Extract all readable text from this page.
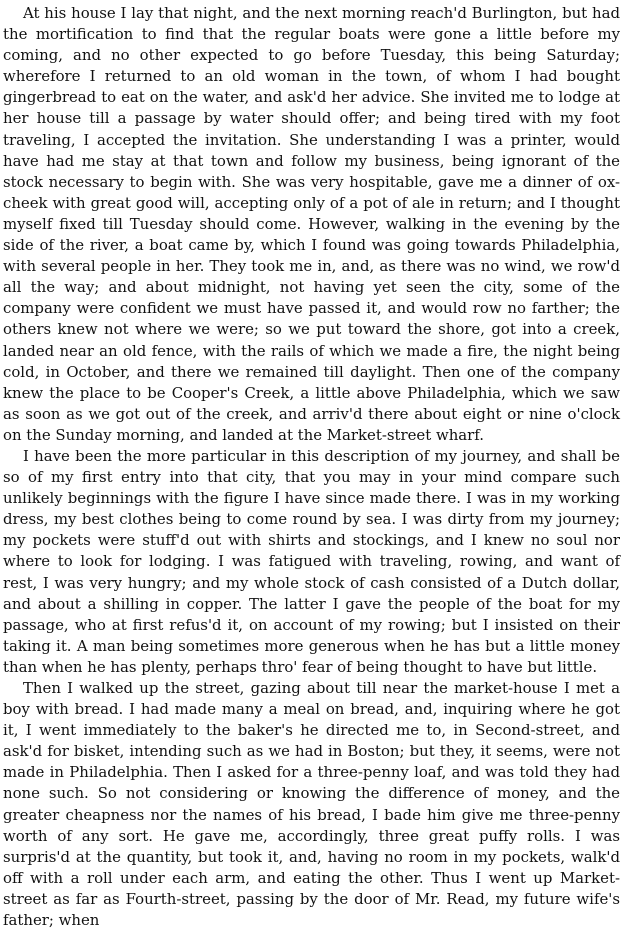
At his house I lay that night, and the next morning reach'd Burlington, but had the mortification to find that the regular boats were gone a little before my coming, and no other expected to go before Tuesday, this being Saturday; wherefore I returned to an old woman in the town, of whom I had bought gingerbread to eat on the water, and ask'd her advice. She invited me to lodge at her house till a passage by water should offer; and being tired with my foot traveling, I accepted the invitation. She understanding I was a printer, would have had me stay at that town and follow my business, being ignorant of the stock necessary to begin with. She was very hospitable, gave me a dinner of ox-cheek with great good will, accepting only of a pot of ale in return; and I thought myself fixed till Tuesday should come. However, walking in the evening by the side of the river, a boat came by, which I found was going towards Philadelphia, with several people in her. They took me in, and, as there was no wind, we row'd all the way; and about midnight, not having yet seen the city, some of the company were confident we must have passed it, and would row no farther; the others knew not where we were; so we put toward the shore, got into a creek, landed near an old fence, with the rails of which we made a fire, the night being cold, in October, and there we remained till daylight. Then one of the company knew the place to be Cooper's Creek, a little above Philadelphia, which we saw as soon as we got out of the creek, and arriv'd there about eight or nine o'clock on the Sunday morning, and landed at the Market-street wharf.

I have been the more particular in this description of my journey, and shall be so of my first entry into that city, that you may in your mind compare such unlikely beginnings with the figure I have since made there. I was in my working dress, my best clothes being to come round by sea. I was dirty from my journey; my pockets were stuff'd out with shirts and stockings, and I knew no soul nor where to look for lodging. I was fatigued with traveling, rowing, and want of rest, I was very hungry; and my whole stock of cash consisted of a Dutch dollar, and about a shilling in copper. The latter I gave the people of the boat for my passage, who at first refus'd it, on account of my rowing; but I insisted on their taking it. A man being sometimes more generous when he has but a little money than when he has plenty, perhaps thro' fear of being thought to have but little.

Then I walked up the street, gazing about till near the market-house I met a boy with bread. I had made many a meal on bread, and, inquiring where he got it, I went immediately to the baker's he directed me to, in Second-street, and ask'd for bisket, intending such as we had in Boston; but they, it seems, were not made in Philadelphia. Then I asked for a three-penny loaf, and was told they had none such. So not considering or knowing the difference of money, and the greater cheapness nor the names of his bread, I bade him give me three-penny worth of any sort. He gave me, accordingly, three great puffy rolls. I was surpris'd at the quantity, but took it, and, having no room in my pockets, walk'd off with a roll under each arm, and eating the other. Thus I went up Market-street as far as Fourth-street, passing by the door of Mr. Read, my future wife's father; when
